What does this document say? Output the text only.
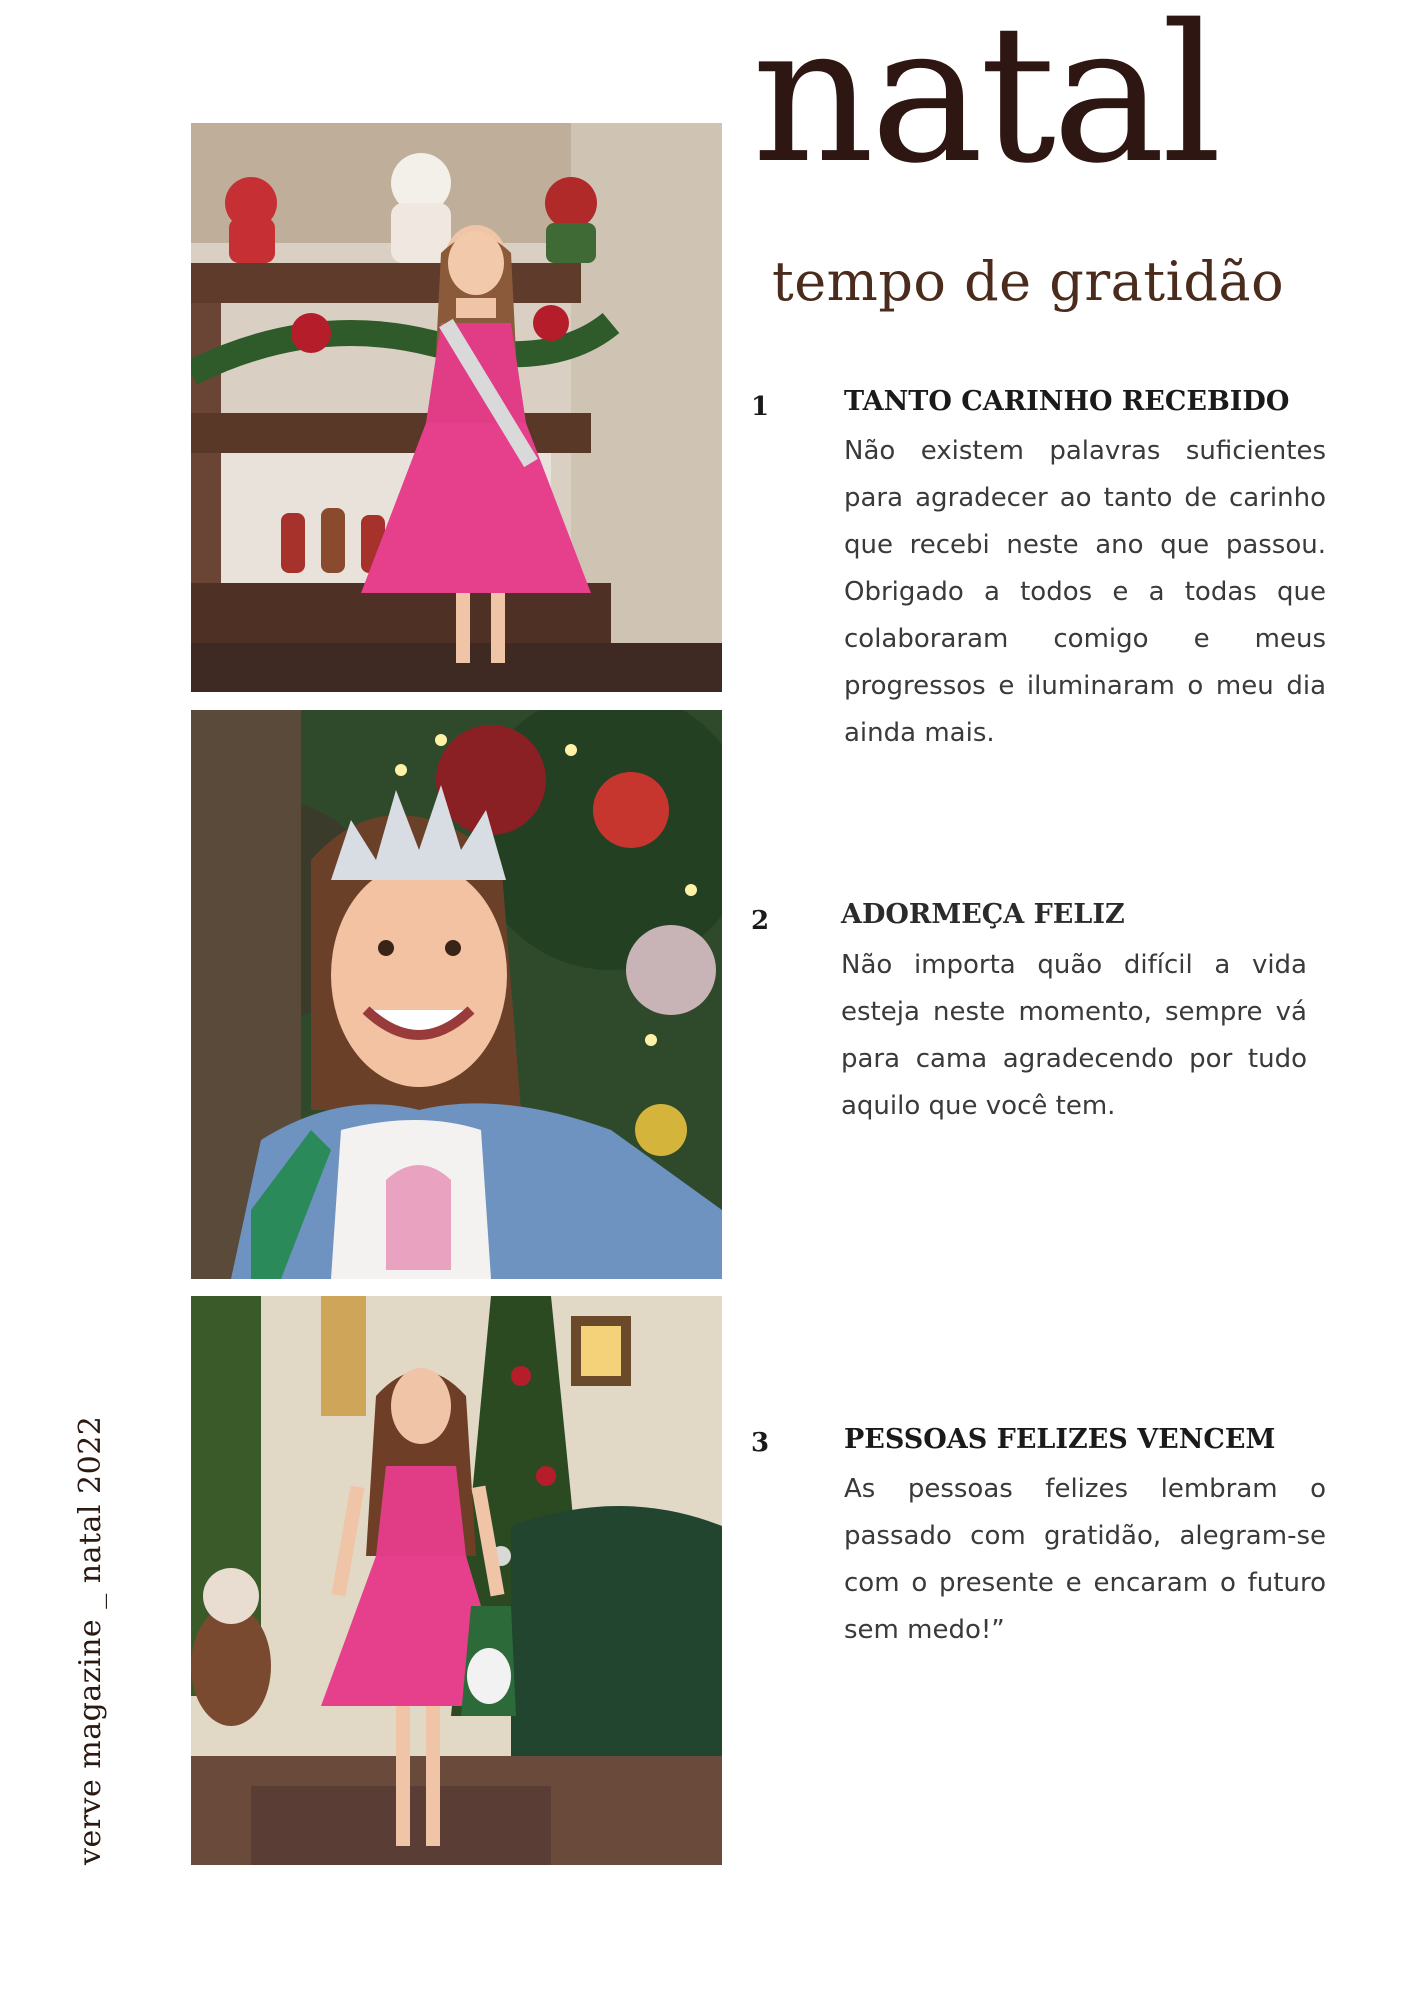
natal
tempo de gratidão
1	TANTO CARINHO RECEBIDO
Não existem palavras suficientes para agradecer ao tanto de carinho que recebi neste ano que passou. Obrigado a todos e a todas que colaboraram comigo e meus progressos e iluminaram o meu dia ainda mais.
2	ADORMEÇA FELIZ
Não importa quão difícil a vida esteja neste momento, sempre vá para cama agradecendo por tudo aquilo que você tem.
3	PESSOAS FELIZES VENCEM
As pessoas felizes lembram o passado com gratidão, alegram-se com o presente e encaram o futuro sem medo!”
verve magazine _ natal 2022
